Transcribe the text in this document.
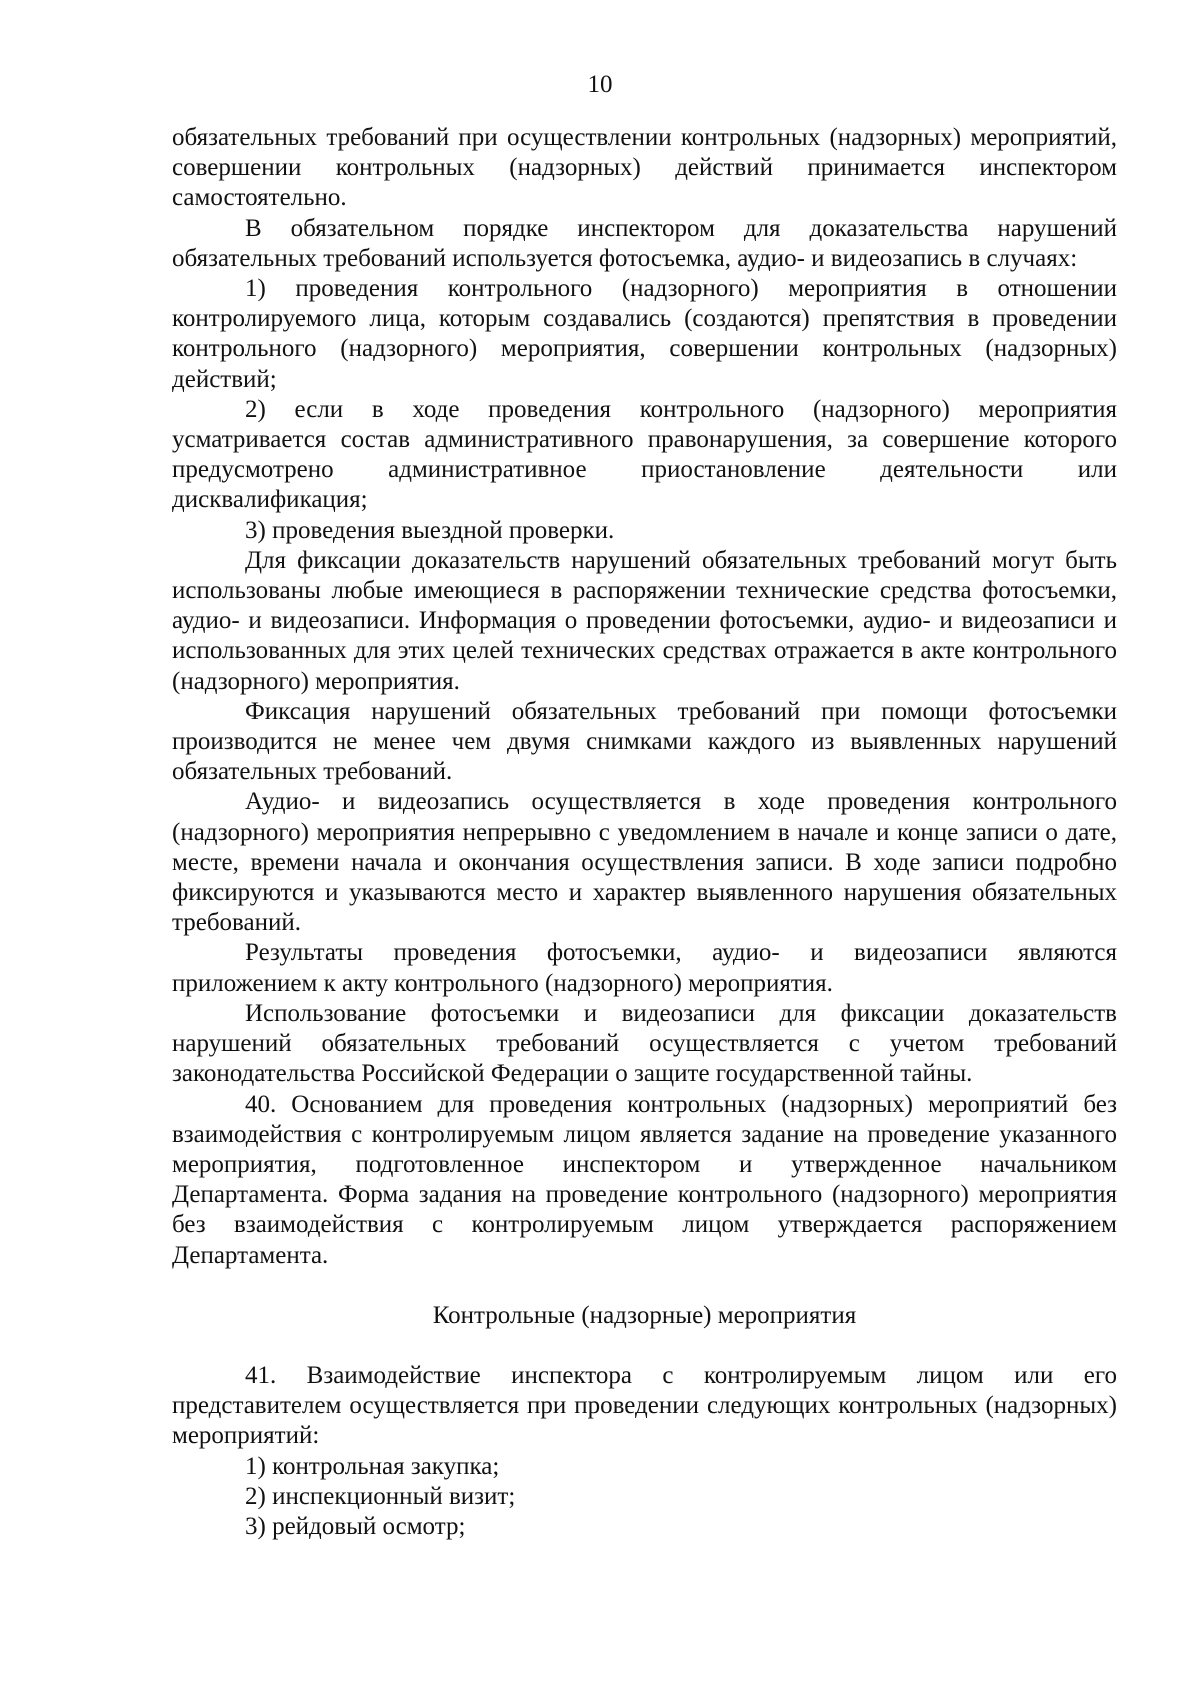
10

обязательных требований при осуществлении контрольных (надзорных) мероприятий, совершении контрольных (надзорных) действий принимается инспектором самостоятельно.

В обязательном порядке инспектором для доказательства нарушений обязательных требований используется фотосъемка, аудио- и видеозапись в случаях:

1) проведения контрольного (надзорного) мероприятия в отношении контролируемого лица, которым создавались (создаются) препятствия в проведении контрольного (надзорного) мероприятия, совершении контрольных (надзорных) действий;

2) если в ходе проведения контрольного (надзорного) мероприятия усматривается состав административного правонарушения, за совершение которого предусмотрено административное приостановление деятельности или дисквалификация;

3) проведения выездной проверки.

Для фиксации доказательств нарушений обязательных требований могут быть использованы любые имеющиеся в распоряжении технические средства фотосъемки, аудио- и видеозаписи. Информация о проведении фотосъемки, аудио- и видеозаписи и использованных для этих целей технических средствах отражается в акте контрольного (надзорного) мероприятия.

Фиксация нарушений обязательных требований при помощи фотосъемки производится не менее чем двумя снимками каждого из выявленных нарушений обязательных требований.

Аудио- и видеозапись осуществляется в ходе проведения контрольного (надзорного) мероприятия непрерывно с уведомлением в начале и конце записи о дате, месте, времени начала и окончания осуществления записи. В ходе записи подробно фиксируются и указываются место и характер выявленного нарушения обязательных требований.

Результаты проведения фотосъемки, аудио- и видеозаписи являются приложением к акту контрольного (надзорного) мероприятия.

Использование фотосъемки и видеозаписи для фиксации доказательств нарушений обязательных требований осуществляется с учетом требований законодательства Российской Федерации о защите государственной тайны.

40. Основанием для проведения контрольных (надзорных) мероприятий без взаимодействия с контролируемым лицом является задание на проведение указанного мероприятия, подготовленное инспектором и утвержденное начальником Департамента. Форма задания на проведение контрольного (надзорного) мероприятия без взаимодействия с контролируемым лицом утверждается распоряжением Департамента.

Контрольные (надзорные) мероприятия

41. Взаимодействие инспектора с контролируемым лицом или его представителем осуществляется при проведении следующих контрольных (надзорных) мероприятий:

1) контрольная закупка;

2) инспекционный визит;

3) рейдовый осмотр;
